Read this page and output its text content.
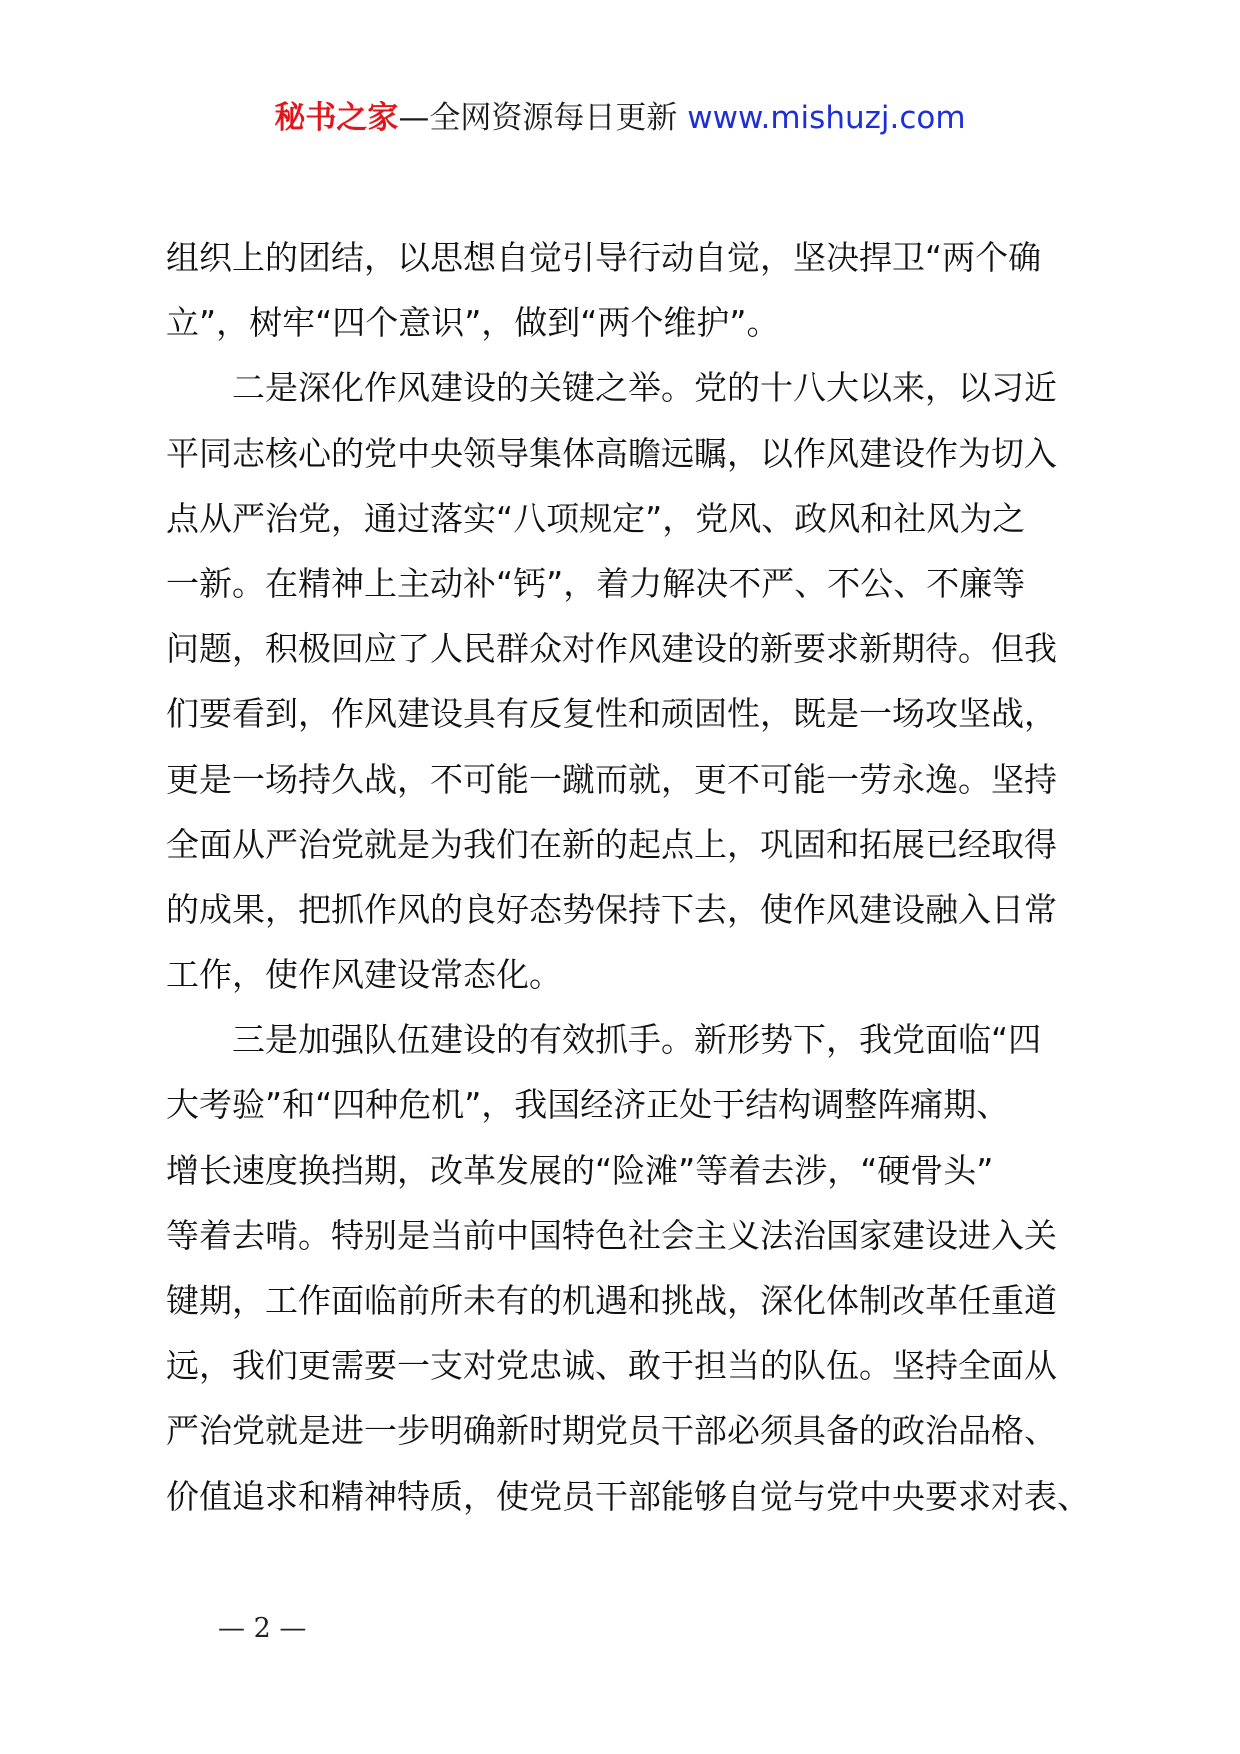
秘书之家—全网资源每日更新 www.mishuzj.com
组织上的团结，以思想自觉引导行动自觉，坚决捍卫“两个确
立”，树牢“四个意识”，做到“两个维护”。
二是深化作风建设的关键之举。党的十八大以来，以习近
平同志核心的党中央领导集体高瞻远瞩，以作风建设作为切入
点从严治党，通过落实“八项规定”，党风、政风和社风为之
一新。在精神上主动补“钙”，着力解决不严、不公、不廉等
问题，积极回应了人民群众对作风建设的新要求新期待。但我
们要看到，作风建设具有反复性和顽固性，既是一场攻坚战，
更是一场持久战，不可能一蹴而就，更不可能一劳永逸。坚持
全面从严治党就是为我们在新的起点上，巩固和拓展已经取得
的成果，把抓作风的良好态势保持下去，使作风建设融入日常
工作，使作风建设常态化。
三是加强队伍建设的有效抓手。新形势下，我党面临“四
大考验”和“四种危机”，我国经济正处于结构调整阵痛期、
增长速度换挡期，改革发展的“险滩”等着去涉，“硬骨头”
等着去啃。特别是当前中国特色社会主义法治国家建设进入关
键期，工作面临前所未有的机遇和挑战，深化体制改革任重道
远，我们更需要一支对党忠诚、敢于担当的队伍。坚持全面从
严治党就是进一步明确新时期党员干部必须具备的政治品格、
价值追求和精神特质，使党员干部能够自觉与党中央要求对表、
— 2 —
